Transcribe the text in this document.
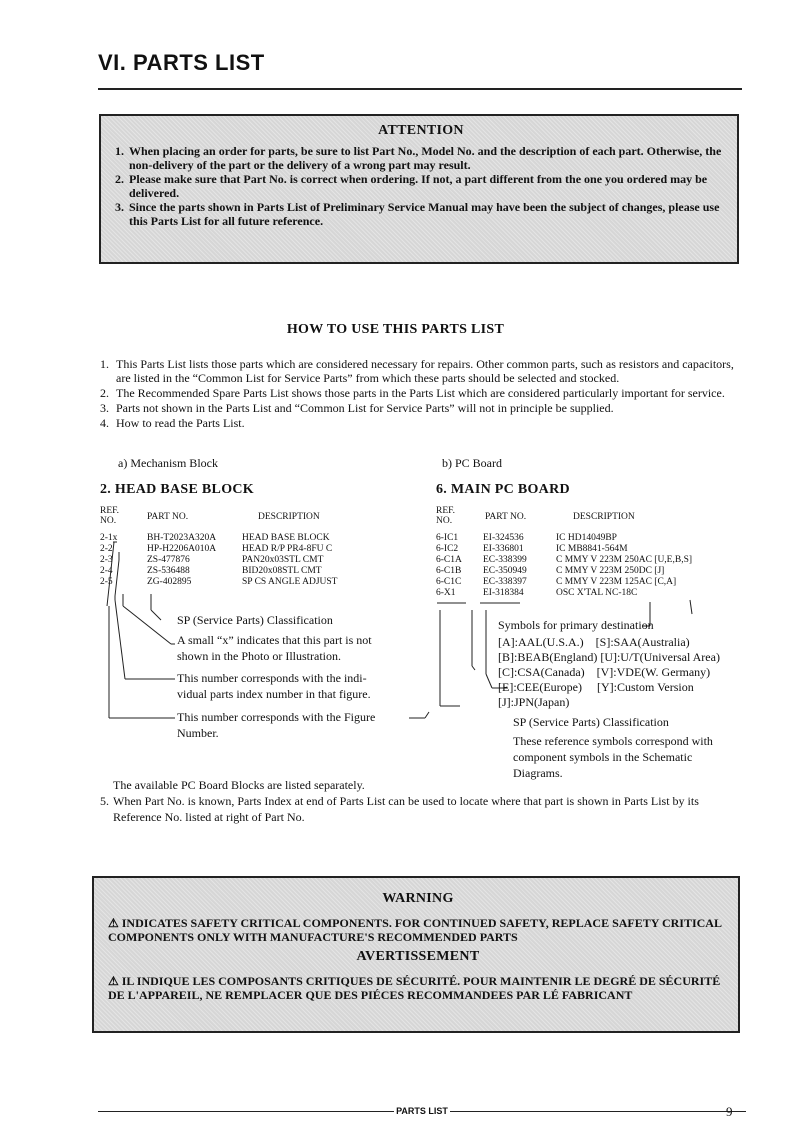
VI. PARTS LIST
ATTENTION
1. When placing an order for parts, be sure to list Part No., Model No. and the description of each part. Otherwise, the non-delivery of the part or the delivery of a wrong part may result.
2. Please make sure that Part No. is correct when ordering. If not, a part different from the one you ordered may be delivered.
3. Since the parts shown in Parts List of Preliminary Service Manual may have been the subject of changes, please use this Parts List for all future reference.
HOW TO USE THIS PARTS LIST
1. This Parts List lists those parts which are considered necessary for repairs. Other common parts, such as resistors and capacitors, are listed in the “Common List for Service Parts” from which these parts should be selected and stocked.
2. The Recommended Spare Parts List shows those parts in the Parts List which are considered particularly important for service.
3. Parts not shown in the Parts List and “Common List for Service Parts” will not in principle be supplied.
4. How to read the Parts List.
a) Mechanism Block	b) PC Board
2. HEAD BASE BLOCK
REF.
NO.	PART NO.	DESCRIPTION
2-1x	BH-T2023A320A	HEAD BASE BLOCK
2-2	HP-H2206A010A	HEAD R/P PR4-8FU C
2-3	ZS-477876	PAN20x03STL CMT
2-4	ZS-536488	BID20x08STL CMT
2-5	ZG-402895	SP CS ANGLE ADJUST
SP (Service Parts) Classification
A small “x” indicates that this part is not
shown in the Photo or Illustration.
This number corresponds with the indi-
vidual parts index number in that figure.
This number corresponds with the Figure
Number.
6. MAIN PC BOARD
REF.
NO.	PART NO.	DESCRIPTION
6-IC1	EI-324536	IC HD14049BP
6-IC2	EI-336801	IC MB8841-564M
6-C1A	EC-338399	C MMY V 223M 250AC [U,E,B,S]
6-C1B	EC-350949	C MMY V 223M 250DC [J]
6-C1C	EC-338397	C MMY V 223M 125AC [C,A]
6-X1	EI-318384	OSC X'TAL NC-18C
Symbols for primary destination
[A]:AAL(U.S.A.)    [S]:SAA(Australia)
[B]:BEAB(England) [U]:U/T(Universal Area)
[C]:CSA(Canada)    [V]:VDE(W. Germany)
[E]:CEE(Europe)     [Y]:Custom Version
[J]:JPN(Japan)
SP (Service Parts) Classification
These reference symbols correspond with
component symbols in the Schematic
Diagrams.
The available PC Board Blocks are listed separately.
5. When Part No. is known, Parts Index at end of Parts List can be used to locate where that part is shown in Parts List by its Reference No. listed at right of Part No.
WARNING
⚠ INDICATES SAFETY CRITICAL COMPONENTS. FOR CONTINUED SAFETY, REPLACE SAFETY CRITICAL COMPONENTS ONLY WITH MANUFACTURE'S RECOMMENDED PARTS
AVERTISSEMENT
⚠ IL INDIQUE LES COMPOSANTS CRITIQUES DE SÉCURITÉ. POUR MAINTENIR LE DEGRÉ DE SÉCURITÉ DE L'APPAREIL, NE REMPLACER QUE DES PIÉCES RECOMMANDEES PAR LÉ FABRICANT
PARTS LIST	9
